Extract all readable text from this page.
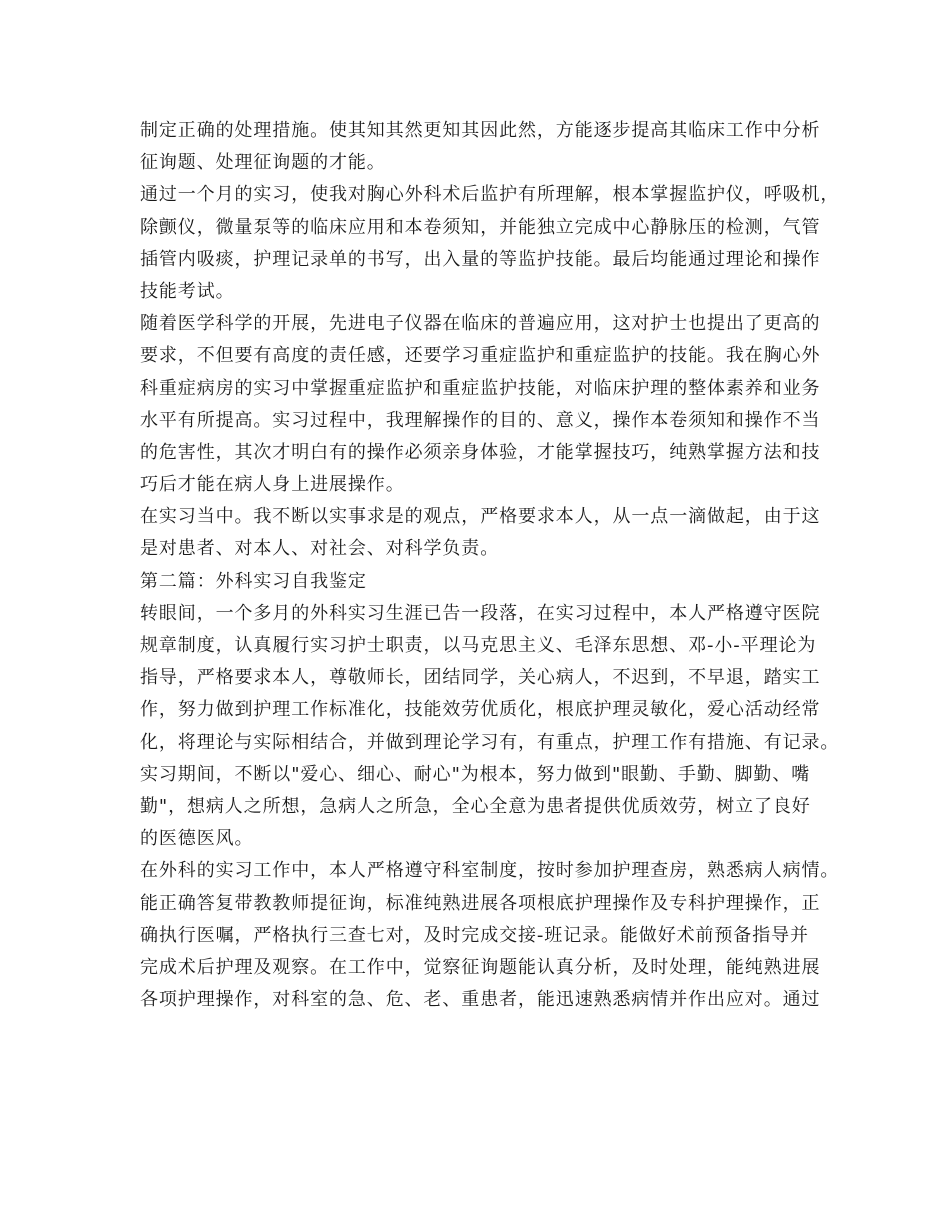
制定正确的处理措施。使其知其然更知其因此然，方能逐步提高其临床工作中分析
征询题、处理征询题的才能。
通过一个月的实习，使我对胸心外科术后监护有所理解，根本掌握监护仪，呼吸机，
除颤仪，微量泵等的临床应用和本卷须知，并能独立完成中心静脉压的检测，气管
插管内吸痰，护理记录单的书写，出入量的等监护技能。最后均能通过理论和操作
技能考试。
随着医学科学的开展，先进电子仪器在临床的普遍应用，这对护士也提出了更高的
要求，不但要有高度的责任感，还要学习重症监护和重症监护的技能。我在胸心外
科重症病房的实习中掌握重症监护和重症监护技能，对临床护理的整体素养和业务
水平有所提高。实习过程中，我理解操作的目的、意义，操作本卷须知和操作不当
的危害性，其次才明白有的操作必须亲身体验，才能掌握技巧，纯熟掌握方法和技
巧后才能在病人身上进展操作。
在实习当中。我不断以实事求是的观点，严格要求本人，从一点一滴做起，由于这
是对患者、对本人、对社会、对科学负责。
第二篇：外科实习自我鉴定
转眼间，一个多月的外科实习生涯已告一段落，在实习过程中，本人严格遵守医院
规章制度，认真履行实习护士职责，以马克思主义、毛泽东思想、邓-小-平理论为
指导，严格要求本人，尊敬师长，团结同学，关心病人，不迟到，不早退，踏实工
作，努力做到护理工作标准化，技能效劳优质化，根底护理灵敏化，爱心活动经常
化，将理论与实际相结合，并做到理论学习有，有重点，护理工作有措施、有记录。
实习期间，不断以"爱心、细心、耐心"为根本，努力做到"眼勤、手勤、脚勤、嘴
勤"，想病人之所想，急病人之所急，全心全意为患者提供优质效劳，树立了良好
的医德医风。
在外科的实习工作中，本人严格遵守科室制度，按时参加护理查房，熟悉病人病情。
能正确答复带教教师提征询，标准纯熟进展各项根底护理操作及专科护理操作，正
确执行医嘱，严格执行三查七对，及时完成交接-班记录。能做好术前预备指导并
完成术后护理及观察。在工作中，觉察征询题能认真分析，及时处理，能纯熟进展
各项护理操作，对科室的急、危、老、重患者，能迅速熟悉病情并作出应对。通过
